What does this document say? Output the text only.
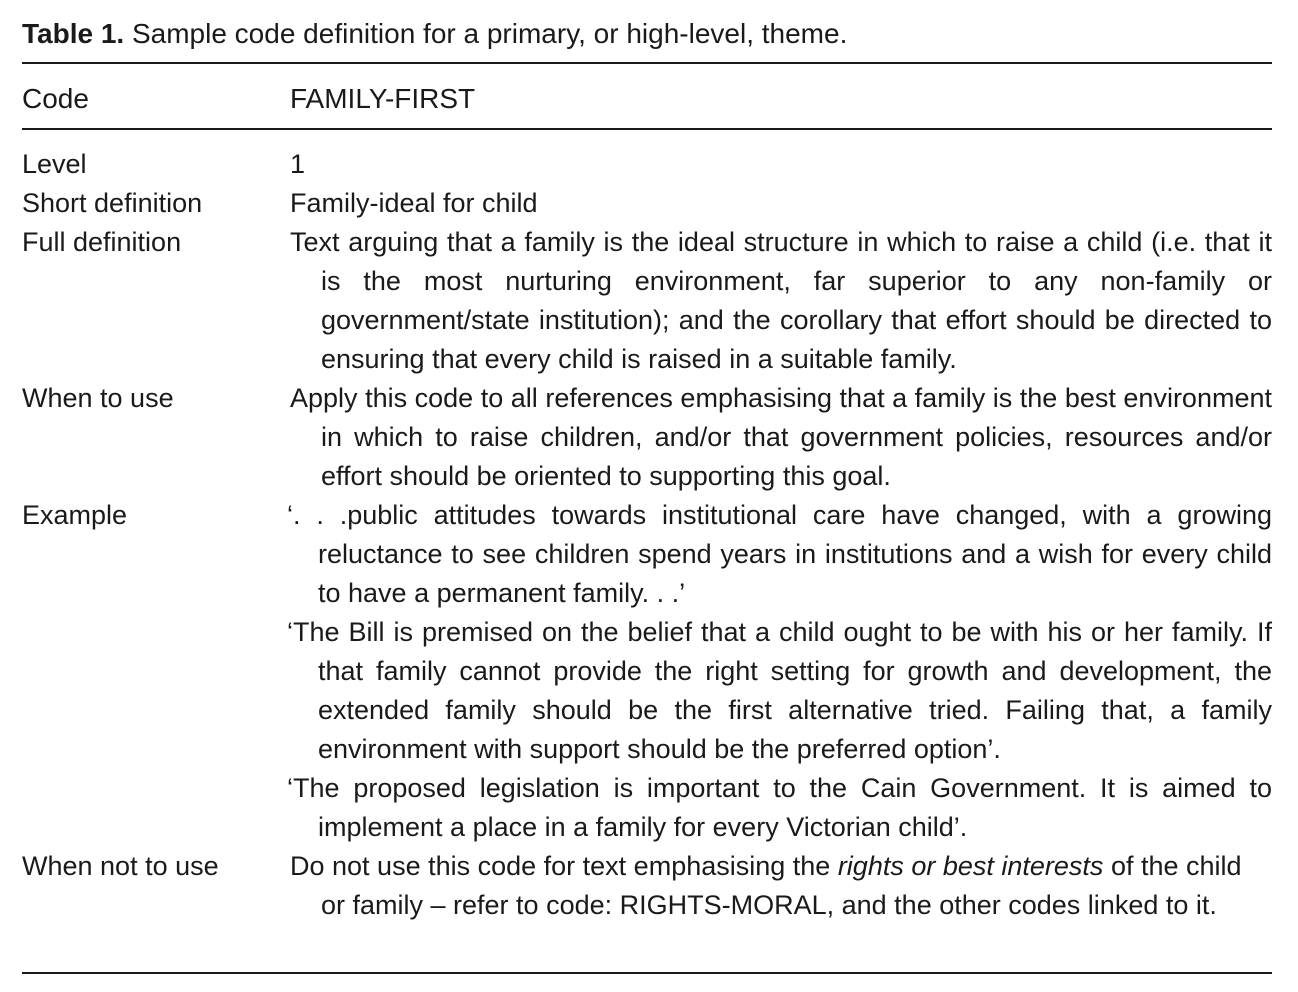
Table 1. Sample code definition for a primary, or high-level, theme.
Code	FAMILY-FIRST
Level	1
Short definition	Family-ideal for child
Full definition	Text arguing that a family is the ideal structure in which to raise a child (i.e. that it is the most nurturing environment, far superior to any non-family or government/state institution); and the corollary that effort should be directed to ensuring that every child is raised in a suitable family.
When to use	Apply this code to all references emphasising that a family is the best environment in which to raise children, and/or that government policies, resources and/or effort should be oriented to supporting this goal.
Example	‘. . .public attitudes towards institutional care have changed, with a growing reluctance to see children spend years in institutions and a wish for every child to have a permanent family. . .’
‘The Bill is premised on the belief that a child ought to be with his or her family. If that family cannot provide the right setting for growth and development, the extended family should be the first alternative tried. Failing that, a family environment with support should be the preferred option’.
‘The proposed legislation is important to the Cain Government. It is aimed to implement a place in a family for every Victorian child’.
When not to use	Do not use this code for text emphasising the rights or best interests of the child or family – refer to code: RIGHTS-MORAL, and the other codes linked to it.
